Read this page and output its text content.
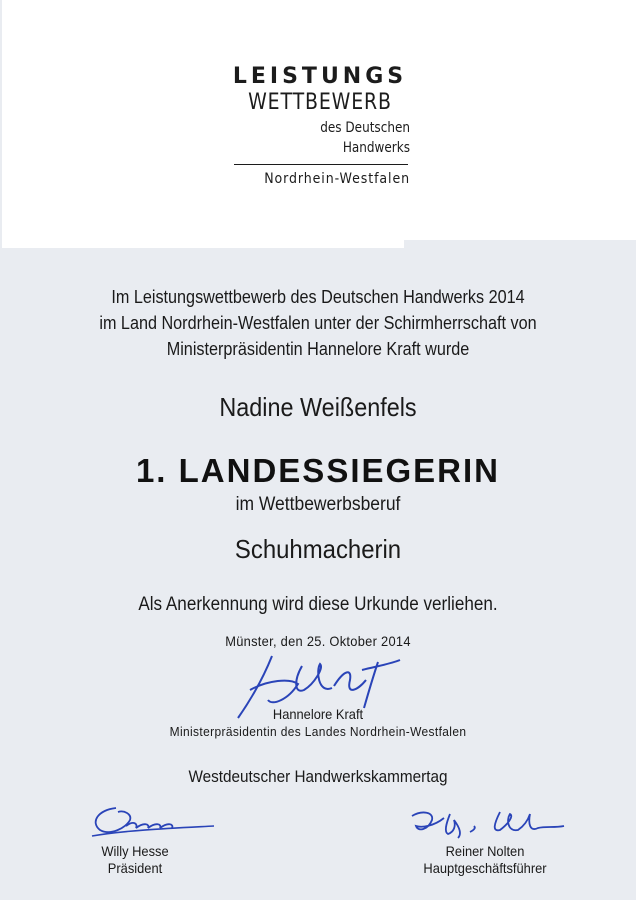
LEISTUNGS
WETTBEWERB
des Deutschen Handwerks
Nordrhein-Westfalen
Im Leistungswettbewerb des Deutschen Handwerks 2014
im Land Nordrhein-Westfalen unter der Schirmherrschaft von
Ministerpräsidentin Hannelore Kraft wurde
Nadine Weißenfels
1. LANDESSIEGERIN
im Wettbewerbsberuf
Schuhmacherin
Als Anerkennung wird diese Urkunde verliehen.
Münster, den 25. Oktober 2014
Hannelore Kraft
Ministerpräsidentin des Landes Nordrhein-Westfalen
Westdeutscher Handwerkskammertag
Willy Hesse
Präsident
Reiner Nolten
Hauptgeschäftsführer
